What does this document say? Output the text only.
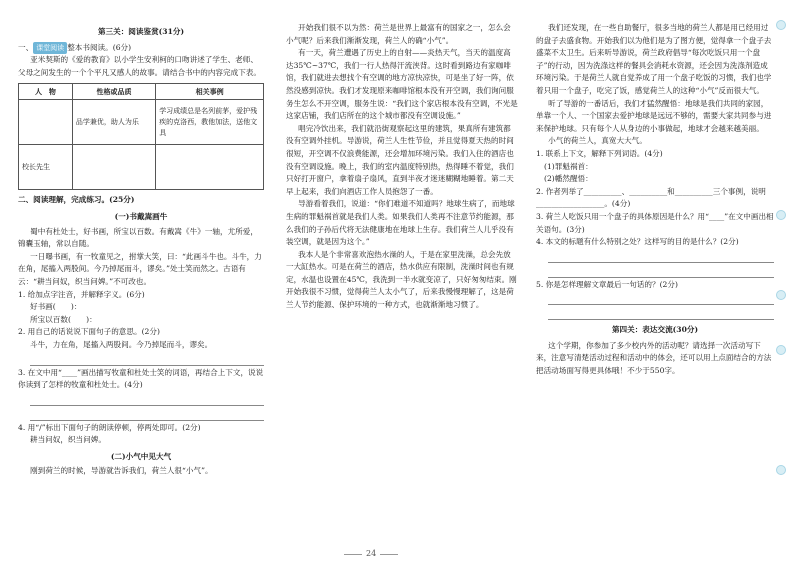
第三关：阅读鉴赏(31分)
一、 课堂阅读 整本书阅读。(6分)

亚米契斯的《爱的教育》以小学生安利柯的口吻讲述了学生、老师、父母之间发生的一个个平凡又感人的故事。请结合书中的内容完成下表。

人　物	性格或品质	相关事例
	品学兼优，助人为乐	学习成绩总是名列前茅，爱护残疾的克洛西，教他加法，送他文具
校长先生		
二、阅读理解，完成练习。(25分)
(一)书戴嵩画牛

蜀中有杜处士，好书画，所宝以百数。有戴嵩《牛》一轴，尤所爱，锦囊玉轴，常以自随。

一日曝书画，有一牧童见之，拊掌大笑，曰：“此画斗牛也。斗牛，力在角，尾搐入两股间。今乃掉尾而斗，谬矣。”处士笑而然之。古语有云：“耕当问奴，织当问婢。”不可改也。

1. 给加点字注音，并解释字义。(6分)
好书画(　　)：
所宝以百数(　　)：
2. 用自己的话说说下面句子的意思。(2分)
斗牛，力在角，尾搐入两股间。今乃掉尾而斗，谬矣。
3. 在文中用“____”画出描写牧童和杜处士笑的词语，再结合上下文，说说你读到了怎样的牧童和杜处士。(4分)
4. 用“/”标出下面句子的朗读停顿，停两处即可。(2分)
耕当问奴，织当问婢。
(二)小气中见大气

刚到荷兰的时候，导游就告诉我们，荷兰人很“小气”。

开始我们很不以为然：荷兰是世界上最富有的国家之一，怎么会小气呢？后来我们渐渐发现，荷兰人的确“小气”。

有一天，荷兰遭遇了历史上的自射——炎热天气，当天的温度高达35℃~37℃，我们一行人热得汗流浃背。这时看到路边有家咖啡馆，我们就进去想找个有空调的地方凉快凉快，可是坐了好一阵，依然没感到凉快。我们才发现原来咖啡馆根本没有开空调，我们询问服务生怎么不开空调，服务生说：“我们这个家店根本没有空调，不光是这家店铺，我们店所在的这个城市都没有空调设施。”

唱完冷饮出来，我们就沿街观察起这里的建筑，果真所有建筑都没有空调外挂机。导游说，荷兰人生性节俭，并且觉得夏天热的时间很短，开空调不仅浪费能源，还会增加环境污染。我们入住的酒店也没有空调设施。晚上，我们的室内温度特别热，热得睡不着觉，我们只好打开窗户，拿着扇子扇风，直到半夜才迷迷糊糊地睡着。第二天早上起来，我们向酒店工作人员抱怨了一番。

导游看着我们，说道：“你们难道不知道吗？地球生病了，而地球生病的罪魁祸首就是我们人类。如果我们人类再不注意节约能源，那么我们的子孙后代将无法健康地在地球上生存。我们荷兰人儿乎没有装空调，就是因为这个。”

我本人是个非常喜欢泡热水澡的人，于是在家里洗澡，总会先放一大缸热水。可是在荷兰的酒店，热水供应有限制，洗澡时间也有规定，水温也设置在45℃，我洗到一半水就变凉了，只好匆匆结束。刚开始我很不习惯，觉得荷兰人太小气了，后来我慢慢理解了，这是荷兰人节约能源、保护环境的一种方式，也就渐渐地习惯了。

我们还发现，在一些自助餐厅，很多当地的荷兰人都是用已经用过的盘子去盛食物。开始我们以为他们是为了图方便，觉得拿一个盘子去盛菜不太卫生。后来听导游说，荷兰政府倡导“每次吃饭只用一个盘子”的行动，因为洗涤这样的餐具会消耗水资源，还会因为洗涤剂造成环境污染。于是荷兰人就自觉养成了用一个盘子吃饭的习惯，我们也学着只用一个盘子，吃完了饭，感觉荷兰人的这种“小气”反而很大气。

听了导游的一番话后，我们才猛然醒悟：地球是我们共同的家园，单靠一个人、一个国家去爱护地球是远远不够的，需要大家共同参与进来保护地球。只有每个人从身边的小事做起，地球才会越来越美丽。

小气的荷兰人，真宽大大气。

1. 联系上下文，解释下列词语。(4分)
(1)罪魁祸首：
(2)幡然醒悟：
2. 作者列举了__________、__________和__________三个事例，说明__________________。(4分)
3. 荷兰人吃饭只用一个盘子的具体原因是什么？用“____”在文中画出相关语句。(3分)
4. 本文的标题有什么特别之处？这样写的目的是什么？(2分)
5. 你是怎样理解文章最后一句话的？(2分)
第四关：表达交流(30分)

这个学期，你参加了多少校内外的活动呢？请选择一次活动写下来，注意写清楚活动过程和活动中的体会，还可以用上点面结合的方法把活动场面写得更具体哦！不少于550字。

24
